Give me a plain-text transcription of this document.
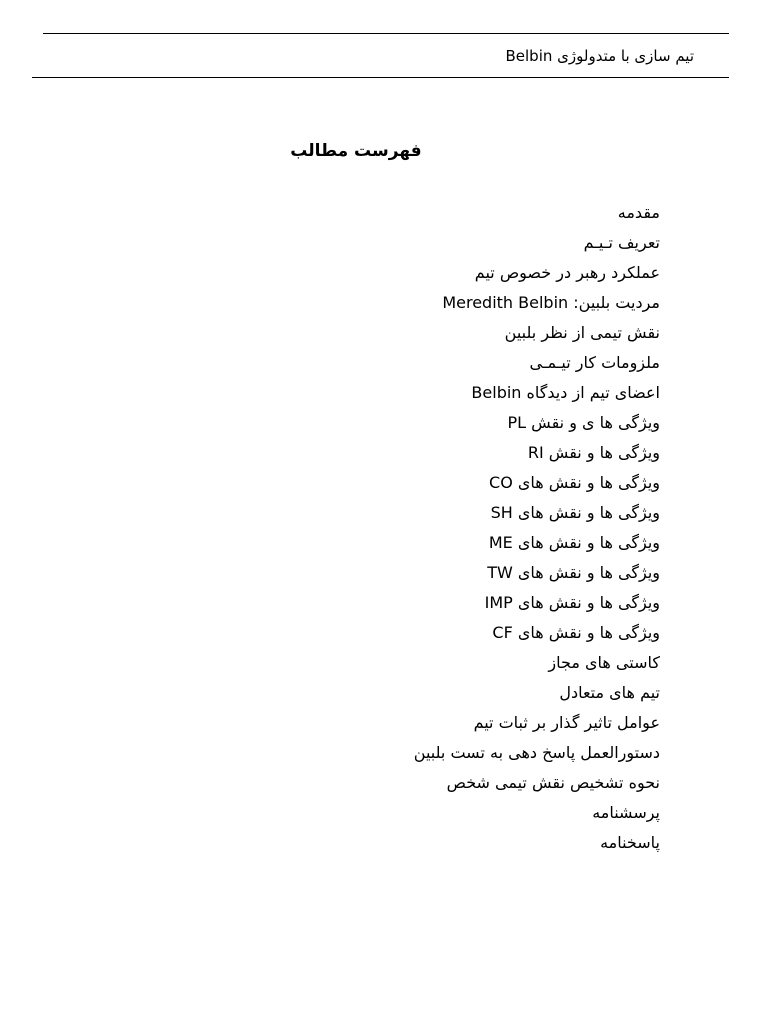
تیم سازی با متدولوژی Belbin
فهرست مطالب
مقدمه
تعریف تـیـم
عملکرد رهبر در خصوص تیم
مردیت بلبین: Meredith Belbin
نقش تیمی از نظر بلبین
ملزومات کار تیـمـی
اعضای تیم از دیدگاه Belbin
ویژگی ها ی و نقش PL
ویژگی ها و نقش RI
ویژگی ها و نقش های CO
ویژگی ها و نقش های SH
ویژگی ها و نقش های ME
ویژگی ها و نقش های TW
ویژگی ها و نقش های IMP
ویژگی ها و نقش های CF
کاستی های مجاز
تیم های متعادل
عوامل تاثیر گذار بر ثبات تیم
دستورالعمل پاسخ دهی به تست بلبین
نحوه تشخیص نقش تیمی شخص
پرسشنامه
پاسخنامه
